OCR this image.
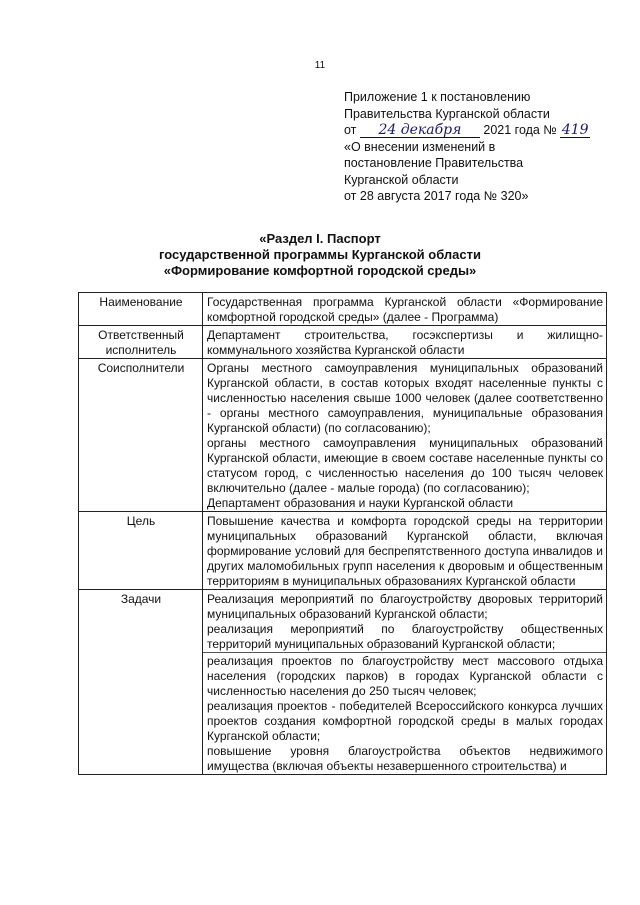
11
Приложение 1 к постановлению
Правительства Курганской области
от 24 декабря 2021 года № 419
«О внесении изменений в
постановление Правительства
Курганской области
от 28 августа 2017 года № 320»
«Раздел I. Паспорт
государственной программы Курганской области
«Формирование комфортной городской среды»
Наименование	Государственная программа Курганской области «Формирование комфортной городской среды» (далее - Программа)

Ответственный исполнитель	Департамент строительства, госэкспертизы и жилищно-коммунального хозяйства Курганской области

Соисполнители	Органы местного самоуправления муниципальных образований Курганской области, в состав которых входят населенные пункты с численностью населения свыше 1000 человек (далее соответственно - органы местного самоуправления, муниципальные образования Курганской области) (по согласованию);
органы местного самоуправления муниципальных образований Курганской области, имеющие в своем составе населенные пункты со статусом город, с численностью населения до 100 тысяч человек включительно (далее - малые города) (по согласованию);
Департамент образования и науки Курганской области

Цель	Повышение качества и комфорта городской среды на территории муниципальных образований Курганской области, включая формирование условий для беспрепятственного доступа инвалидов и других маломобильных групп населения к дворовым и общественным территориям в муниципальных образованиях Курганской области

Задачи	Реализация мероприятий по благоустройству дворовых территорий муниципальных образований Курганской области;
реализация мероприятий по благоустройству общественных территорий муниципальных образований Курганской области;
реализация проектов по благоустройству мест массового отдыха населения (городских парков) в городах Курганской области с численностью населения до 250 тысяч человек;
реализация проектов - победителей Всероссийского конкурса лучших проектов создания комфортной городской среды в малых городах Курганской области;
повышение уровня благоустройства объектов недвижимого имущества (включая объекты незавершенного строительства) и
